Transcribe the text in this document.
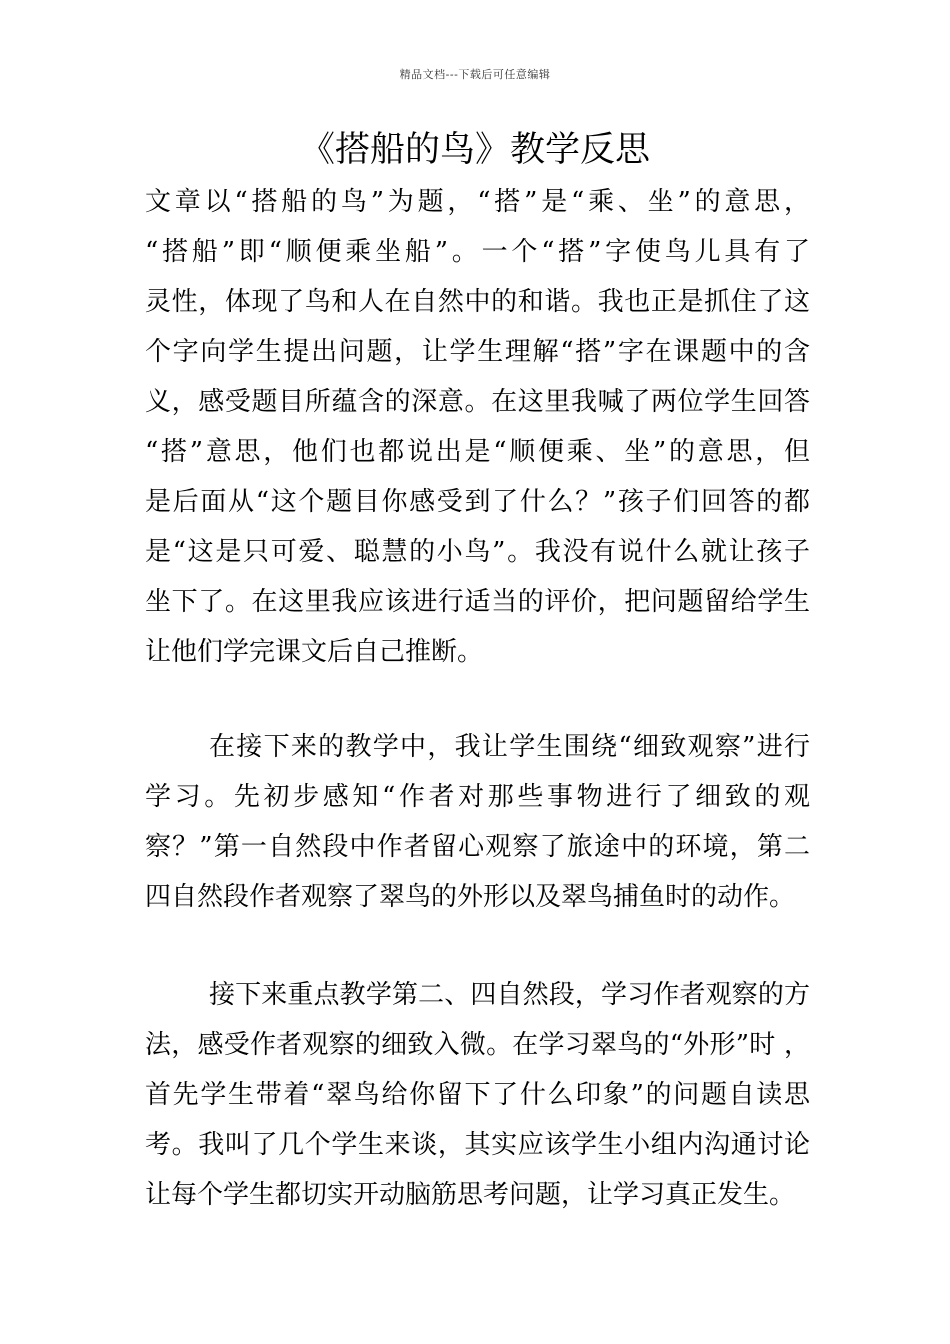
精品文档---下载后可任意编辑
《搭船的鸟》教学反思
文章以“搭船的鸟”为题，“搭”是“乘、坐”的意思，
“搭船”即“顺便乘坐船”。一个“搭”字使鸟儿具有了
灵性，体现了鸟和人在自然中的和谐。我也正是抓住了这
个字向学生提出问题，让学生理解“搭”字在课题中的含
义，感受题目所蕴含的深意。在这里我喊了两位学生回答
“搭”意思，他们也都说出是“顺便乘、坐”的意思，但
是后面从“这个题目你感受到了什么？”孩子们回答的都
是“这是只可爱、聪慧的小鸟”。我没有说什么就让孩子
坐下了。在这里我应该进行适当的评价，把问题留给学生
让他们学完课文后自己推断。
在接下来的教学中，我让学生围绕“细致观察”进行
学习。先初步感知“作者对那些事物进行了细致的观
察？”第一自然段中作者留心观察了旅途中的环境，第二
四自然段作者观察了翠鸟的外形以及翠鸟捕鱼时的动作。
接下来重点教学第二、四自然段，学习作者观察的方
法，感受作者观察的细致入微。在学习翠鸟的“外形”时 ，
首先学生带着“翠鸟给你留下了什么印象”的问题自读思
考。我叫了几个学生来谈，其实应该学生小组内沟通讨论
让每个学生都切实开动脑筋思考问题，让学习真正发生。
